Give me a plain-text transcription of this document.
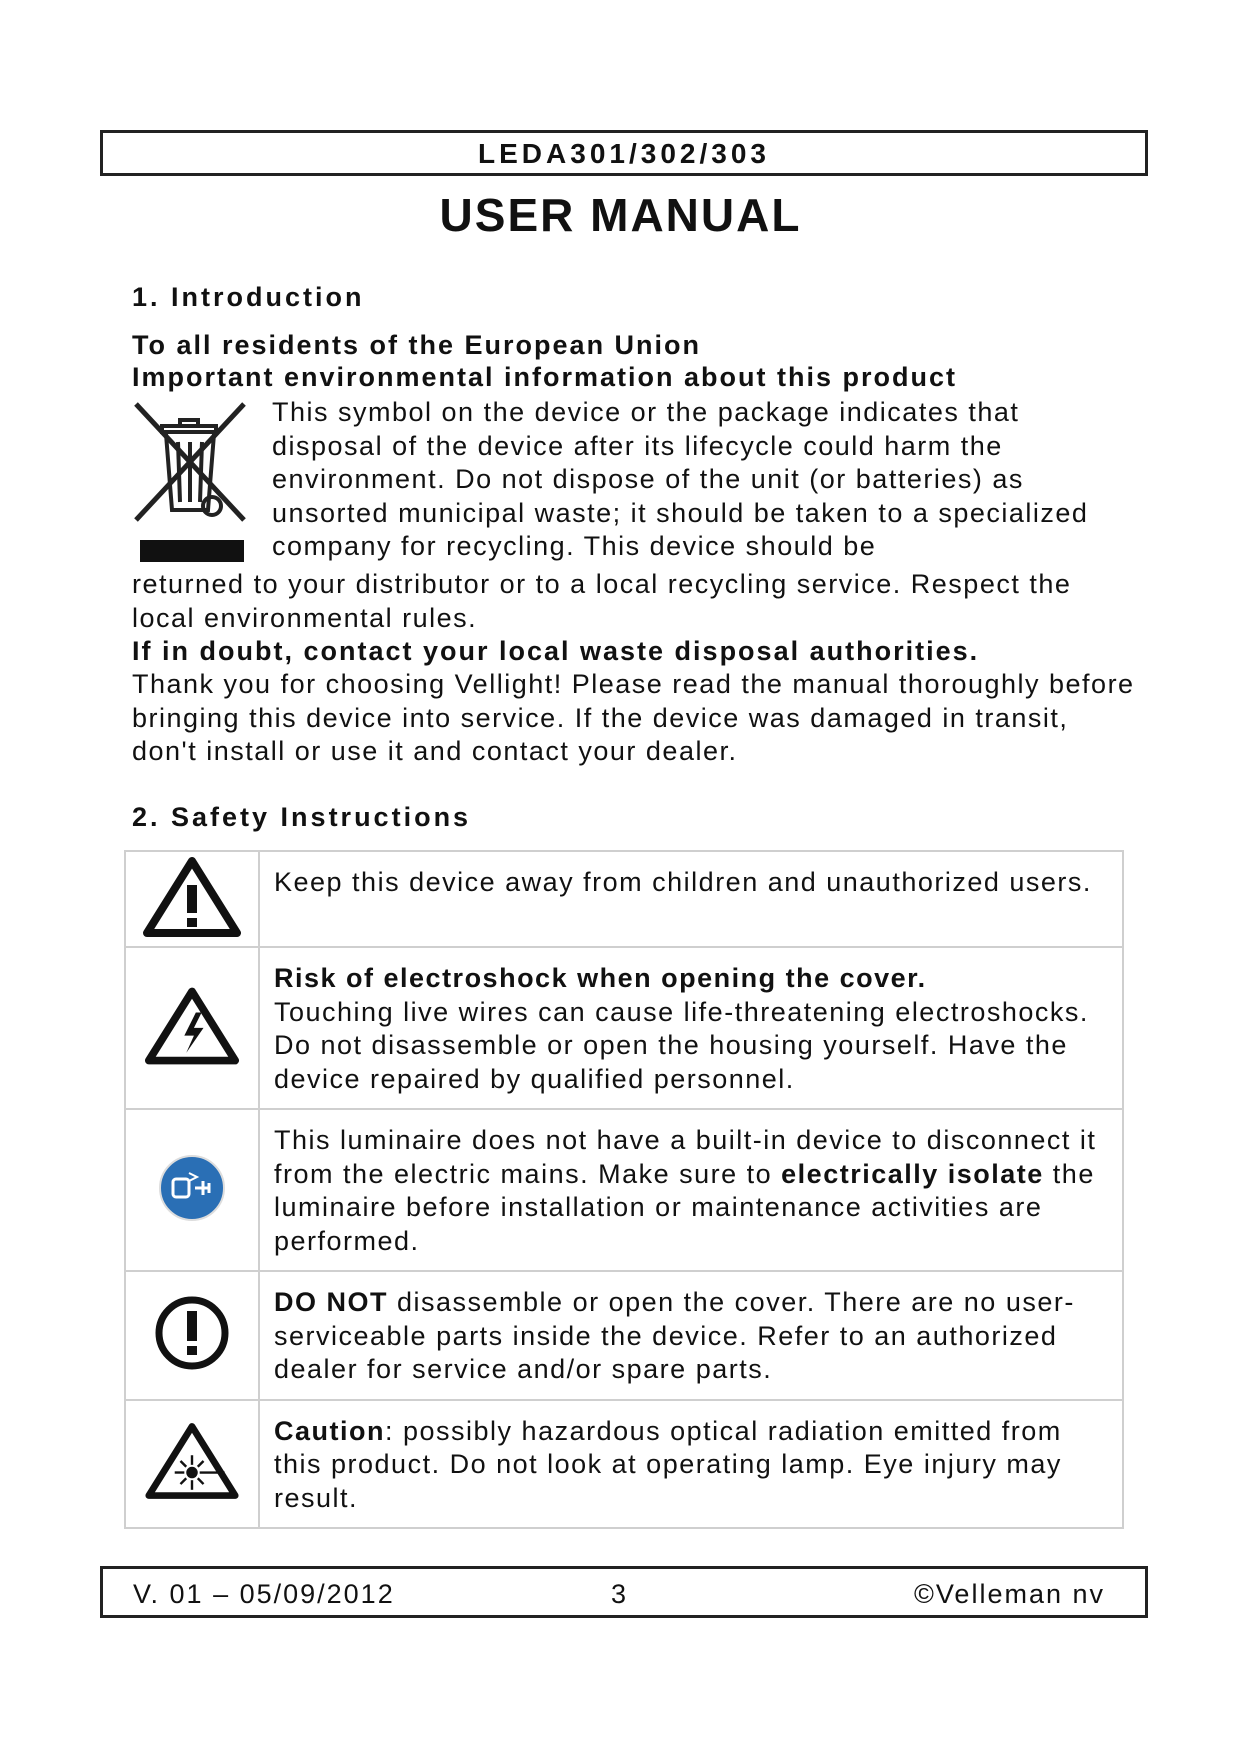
LEDA301/302/303
USER MANUAL
1. Introduction
To all residents of the European Union
Important environmental information about this product
This symbol on the device or the package indicates that disposal of the device after its lifecycle could harm the environment. Do not dispose of the unit (or batteries) as unsorted municipal waste; it should be taken to a specialized company for recycling. This device should be
returned to your distributor or to a local recycling service. Respect the local environmental rules.
If in doubt, contact your local waste disposal authorities.
Thank you for choosing Vellight! Please read the manual thoroughly before bringing this device into service. If the device was damaged in transit, don't install or use it and contact your dealer.
2. Safety Instructions
	Keep this device away from children and unauthorized users.
	Risk of electroshock when opening the cover.
Touching live wires can cause life-threatening electroshocks. Do not disassemble or open the housing yourself. Have the device repaired by qualified personnel.
	This luminaire does not have a built-in device to disconnect it from the electric mains. Make sure to electrically isolate the luminaire before installation or maintenance activities are performed.
	DO NOT disassemble or open the cover. There are no user-serviceable parts inside the device. Refer to an authorized dealer for service and/or spare parts.
	Caution: possibly hazardous optical radiation emitted from this product. Do not look at operating lamp. Eye injury may result.
V. 01 – 05/09/2012	3	©Velleman nv
